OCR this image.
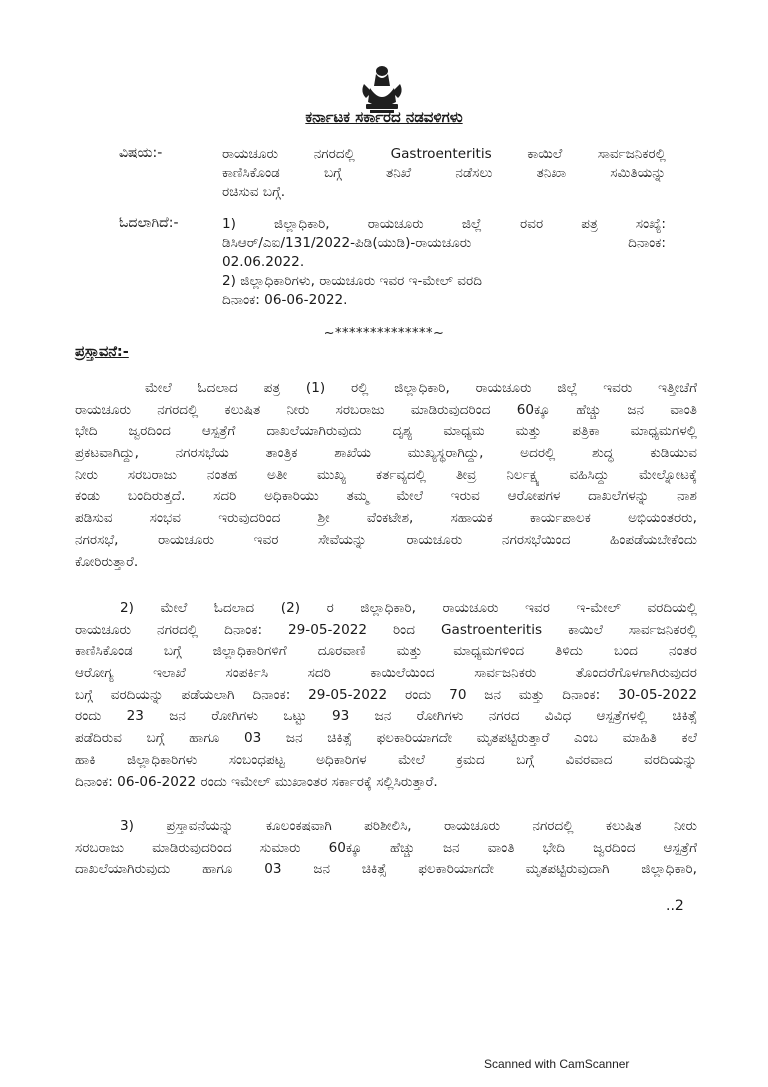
ಕರ್ನಾಟಕ ಸರ್ಕಾರದ ನಡವಳಿಗಳು
ವಿಷಯ:-	ರಾಯಚೂರು ನಗರದಲ್ಲಿ Gastroenteritis ಕಾಯಿಲೆ ಸಾರ್ವಜನಿಕರಲ್ಲಿ
ಕಾಣಿಸಿಕೊಂಡ ಬಗ್ಗೆ ತನಿಖೆ ನಡೆಸಲು ತನಿಖಾ ಸಮಿತಿಯನ್ನು
ರಚಿಸುವ ಬಗ್ಗೆ.
ಓದಲಾಗಿದೆ:-	1) ಜಿಲ್ಲಾಧಿಕಾರಿ, ರಾಯಚೂರು ಜಿಲ್ಲೆ ರವರ ಪತ್ರ ಸಂಖ್ಯೆ:
ಡಿಸಿಆರ್/ಎಐ/131/2022-ಪಿಡಿ(ಯುಡಿ)-ರಾಯಚೂರು ದಿನಾಂಕ:
02.06.2022.
2) ಜಿಲ್ಲಾಧಿಕಾರಿಗಳು, ರಾಯಚೂರು ಇವರ ಇ-ಮೇಲ್ ವರದಿ
ದಿನಾಂಕ: 06-06-2022.
~**************~
ಪ್ರಸ್ತಾವನೆ:-
ಮೇಲೆ ಓದಲಾದ ಪತ್ರ (1) ರಲ್ಲಿ ಜಿಲ್ಲಾಧಿಕಾರಿ, ರಾಯಚೂರು ಜಿಲ್ಲೆ ಇವರು ಇತ್ತೀಚೆಗೆ
ರಾಯಚೂರು ನಗರದಲ್ಲಿ ಕಲುಷಿತ ನೀರು ಸರಬರಾಜು ಮಾಡಿರುವುದರಿಂದ 60ಕ್ಕೂ ಹೆಚ್ಚು ಜನ ವಾಂತಿ
ಭೇದಿ ಜ್ವರದಿಂದ ಆಸ್ಪತ್ರೆಗೆ ದಾಖಲೆಯಾಗಿರುವುದು ದೃಶ್ಯ ಮಾಧ್ಯಮ ಮತ್ತು ಪತ್ರಿಕಾ ಮಾಧ್ಯಮಗಳಲ್ಲಿ
ಪ್ರಕಟವಾಗಿದ್ದು, ನಗರಸಭೆಯ ತಾಂತ್ರಿಕ ಶಾಖೆಯ ಮುಖ್ಯಸ್ಥರಾಗಿದ್ದು, ಅದರಲ್ಲಿ ಶುದ್ಧ ಕುಡಿಯುವ
ನೀರು ಸರಬರಾಜು ನಂತಹ ಅತೀ ಮುಖ್ಯ ಕರ್ತವ್ಯದಲ್ಲಿ ತೀವ್ರ ನಿರ್ಲಕ್ಷ್ಯ ವಹಿಸಿದ್ದು ಮೇಲ್ನೋಟಕ್ಕೆ
ಕಂಡು ಬಂದಿರುತ್ತದೆ. ಸದರಿ ಅಧಿಕಾರಿಯು ತಮ್ಮ ಮೇಲೆ ಇರುವ ಆರೋಪಗಳ ದಾಖಲೆಗಳನ್ನು ನಾಶ
ಪಡಿಸುವ ಸಂಭವ ಇರುವುದರಿಂದ ಶ್ರೀ ವೆಂಕಟೇಶ, ಸಹಾಯಕ ಕಾರ್ಯಪಾಲಕ ಅಭಿಯಂತರರು,
ನಗರಸಭೆ, ರಾಯಚೂರು ಇವರ ಸೇವೆಯನ್ನು ರಾಯಚೂರು ನಗರಸಭೆಯಿಂದ ಹಿಂಪಡೆಯಬೇಕೆಂದು
ಕೋರಿರುತ್ತಾರೆ.
2) ಮೇಲೆ ಓದಲಾದ (2) ರ ಜಿಲ್ಲಾಧಿಕಾರಿ, ರಾಯಚೂರು ಇವರ ಇ-ಮೇಲ್ ವರದಿಯಲ್ಲಿ
ರಾಯಚೂರು ನಗರದಲ್ಲಿ ದಿನಾಂಕ: 29-05-2022 ರಿಂದ Gastroenteritis ಕಾಯಿಲೆ ಸಾರ್ವಜನಿಕರಲ್ಲಿ
ಕಾಣಿಸಿಕೊಂಡ ಬಗ್ಗೆ ಜಿಲ್ಲಾಧಿಕಾರಿಗಳಿಗೆ ದೂರವಾಣಿ ಮತ್ತು ಮಾಧ್ಯಮಗಳಿಂದ ತಿಳಿದು ಬಂದ ನಂತರ
ಆರೋಗ್ಯ ಇಲಾಖೆ ಸಂಪರ್ಕಿಸಿ ಸದರಿ ಕಾಯಿಲೆಯಿಂದ ಸಾರ್ವಜನಿಕರು ತೊಂದರೆಗೊಳಗಾಗಿರುವುದರ
ಬಗ್ಗೆ ವರದಿಯನ್ನು ಪಡೆಯಲಾಗಿ ದಿನಾಂಕ: 29-05-2022 ರಂದು 70 ಜನ ಮತ್ತು ದಿನಾಂಕ: 30-05-2022
ರಂದು 23 ಜನ ರೋಗಿಗಳು ಒಟ್ಟು 93 ಜನ ರೋಗಿಗಳು ನಗರದ ವಿವಿಧ ಆಸ್ಪತ್ರೆಗಳಲ್ಲಿ ಚಿಕಿತ್ಸೆ
ಪಡೆದಿರುವ ಬಗ್ಗೆ ಹಾಗೂ 03 ಜನ ಚಿಕಿತ್ಸೆ ಫಲಕಾರಿಯಾಗದೇ ಮೃತಪಟ್ಟಿರುತ್ತಾರೆ ಎಂಬ ಮಾಹಿತಿ ಕಲೆ
ಹಾಕಿ ಜಿಲ್ಲಾಧಿಕಾರಿಗಳು ಸಂಬಂಧಪಟ್ಟ ಅಧಿಕಾರಿಗಳ ಮೇಲೆ ಕ್ರಮದ ಬಗ್ಗೆ ವಿವರವಾದ ವರದಿಯನ್ನು
ದಿನಾಂಕ: 06-06-2022 ರಂದು ಇಮೇಲ್ ಮುಖಾಂತರ ಸರ್ಕಾರಕ್ಕೆ ಸಲ್ಲಿಸಿರುತ್ತಾರೆ.
3) ಪ್ರಸ್ತಾವನೆಯನ್ನು ಕೂಲಂಕಷವಾಗಿ ಪರಿಶೀಲಿಸಿ, ರಾಯಚೂರು ನಗರದಲ್ಲಿ ಕಲುಷಿತ ನೀರು
ಸರಬರಾಜು ಮಾಡಿರುವುದರಿಂದ ಸುಮಾರು 60ಕ್ಕೂ ಹೆಚ್ಚು ಜನ ವಾಂತಿ ಭೇದಿ ಜ್ವರದಿಂದ ಆಸ್ಪತ್ರೆಗೆ
ದಾಖಲೆಯಾಗಿರುವುದು ಹಾಗೂ 03 ಜನ ಚಿಕಿತ್ಸೆ ಫಲಕಾರಿಯಾಗದೇ ಮೃತಪಟ್ಟಿರುವುದಾಗಿ ಜಿಲ್ಲಾಧಿಕಾರಿ,
..2
Scanned with CamScanner
